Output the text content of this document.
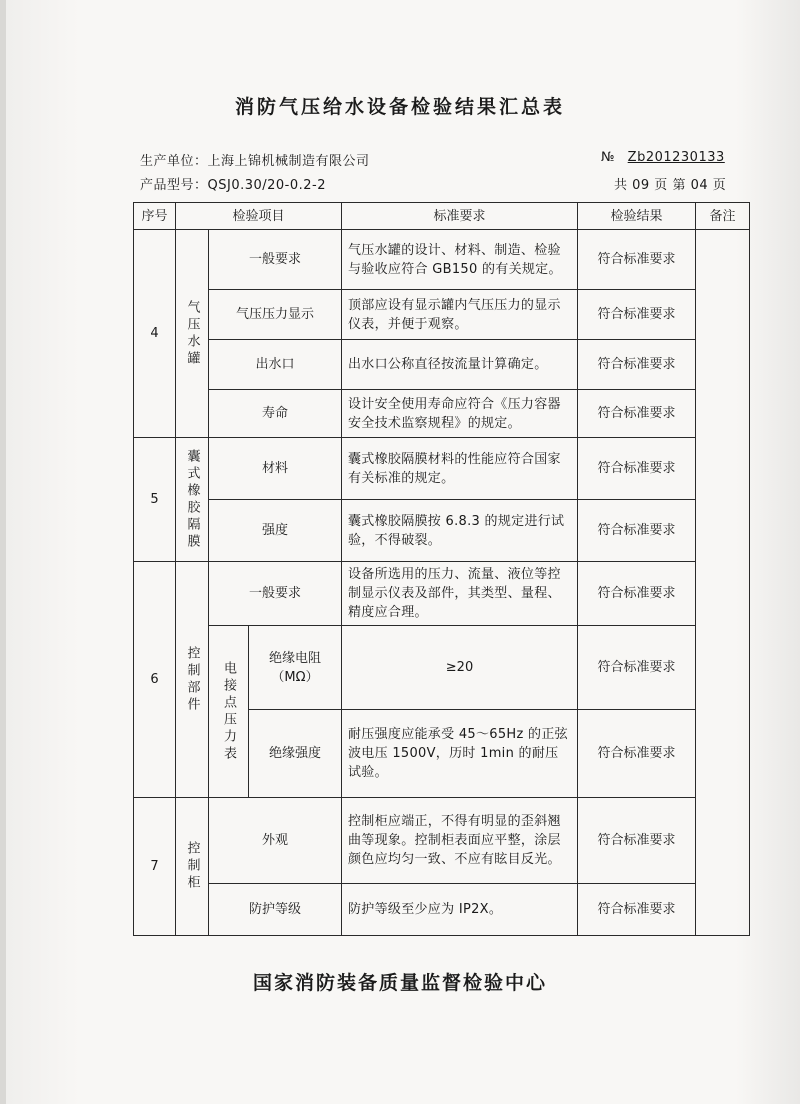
消防气压给水设备检验结果汇总表
生产单位：上海上锦机械制造有限公司
产品型号：QSJ0.30/20-0.2-2
№ Zb201230133
共 09 页 第 04 页
序号	检验项目			标准要求	检验结果	备注
4	气压水罐	一般要求		气压水罐的设计、材料、制造、检验与验收应符合 GB150 的有关规定。	符合标准要求	
		气压压力显示		顶部应设有显示罐内气压压力的显示仪表，并便于观察。	符合标准要求	
		出水口		出水口公称直径按流量计算确定。	符合标准要求	
		寿命		设计安全使用寿命应符合《压力容器安全技术监察规程》的规定。	符合标准要求	
5	囊式橡胶隔膜	材料		囊式橡胶隔膜材料的性能应符合国家有关标准的规定。	符合标准要求	
		强度		囊式橡胶隔膜按 6.8.3 的规定进行试验，不得破裂。	符合标准要求	
6	控制部件	一般要求		设备所选用的压力、流量、液位等控制显示仪表及部件，其类型、量程、精度应合理。	符合标准要求	

		电接点压力表	绝缘电阻（MΩ）	≥20	符合标准要求	
			绝缘强度	耐压强度应能承受 45～65Hz 的正弦波电压 1500V，历时 1min 的耐压试验。	符合标准要求	
7	控制柜	外观		控制柜应端正，不得有明显的歪斜翘曲等现象。控制柜表面应平整，涂层颜色应均匀一致、不应有眩目反光。	符合标准要求	
		防护等级		防护等级至少应为 IP2X。	符合标准要求	
国家消防装备质量监督检验中心
